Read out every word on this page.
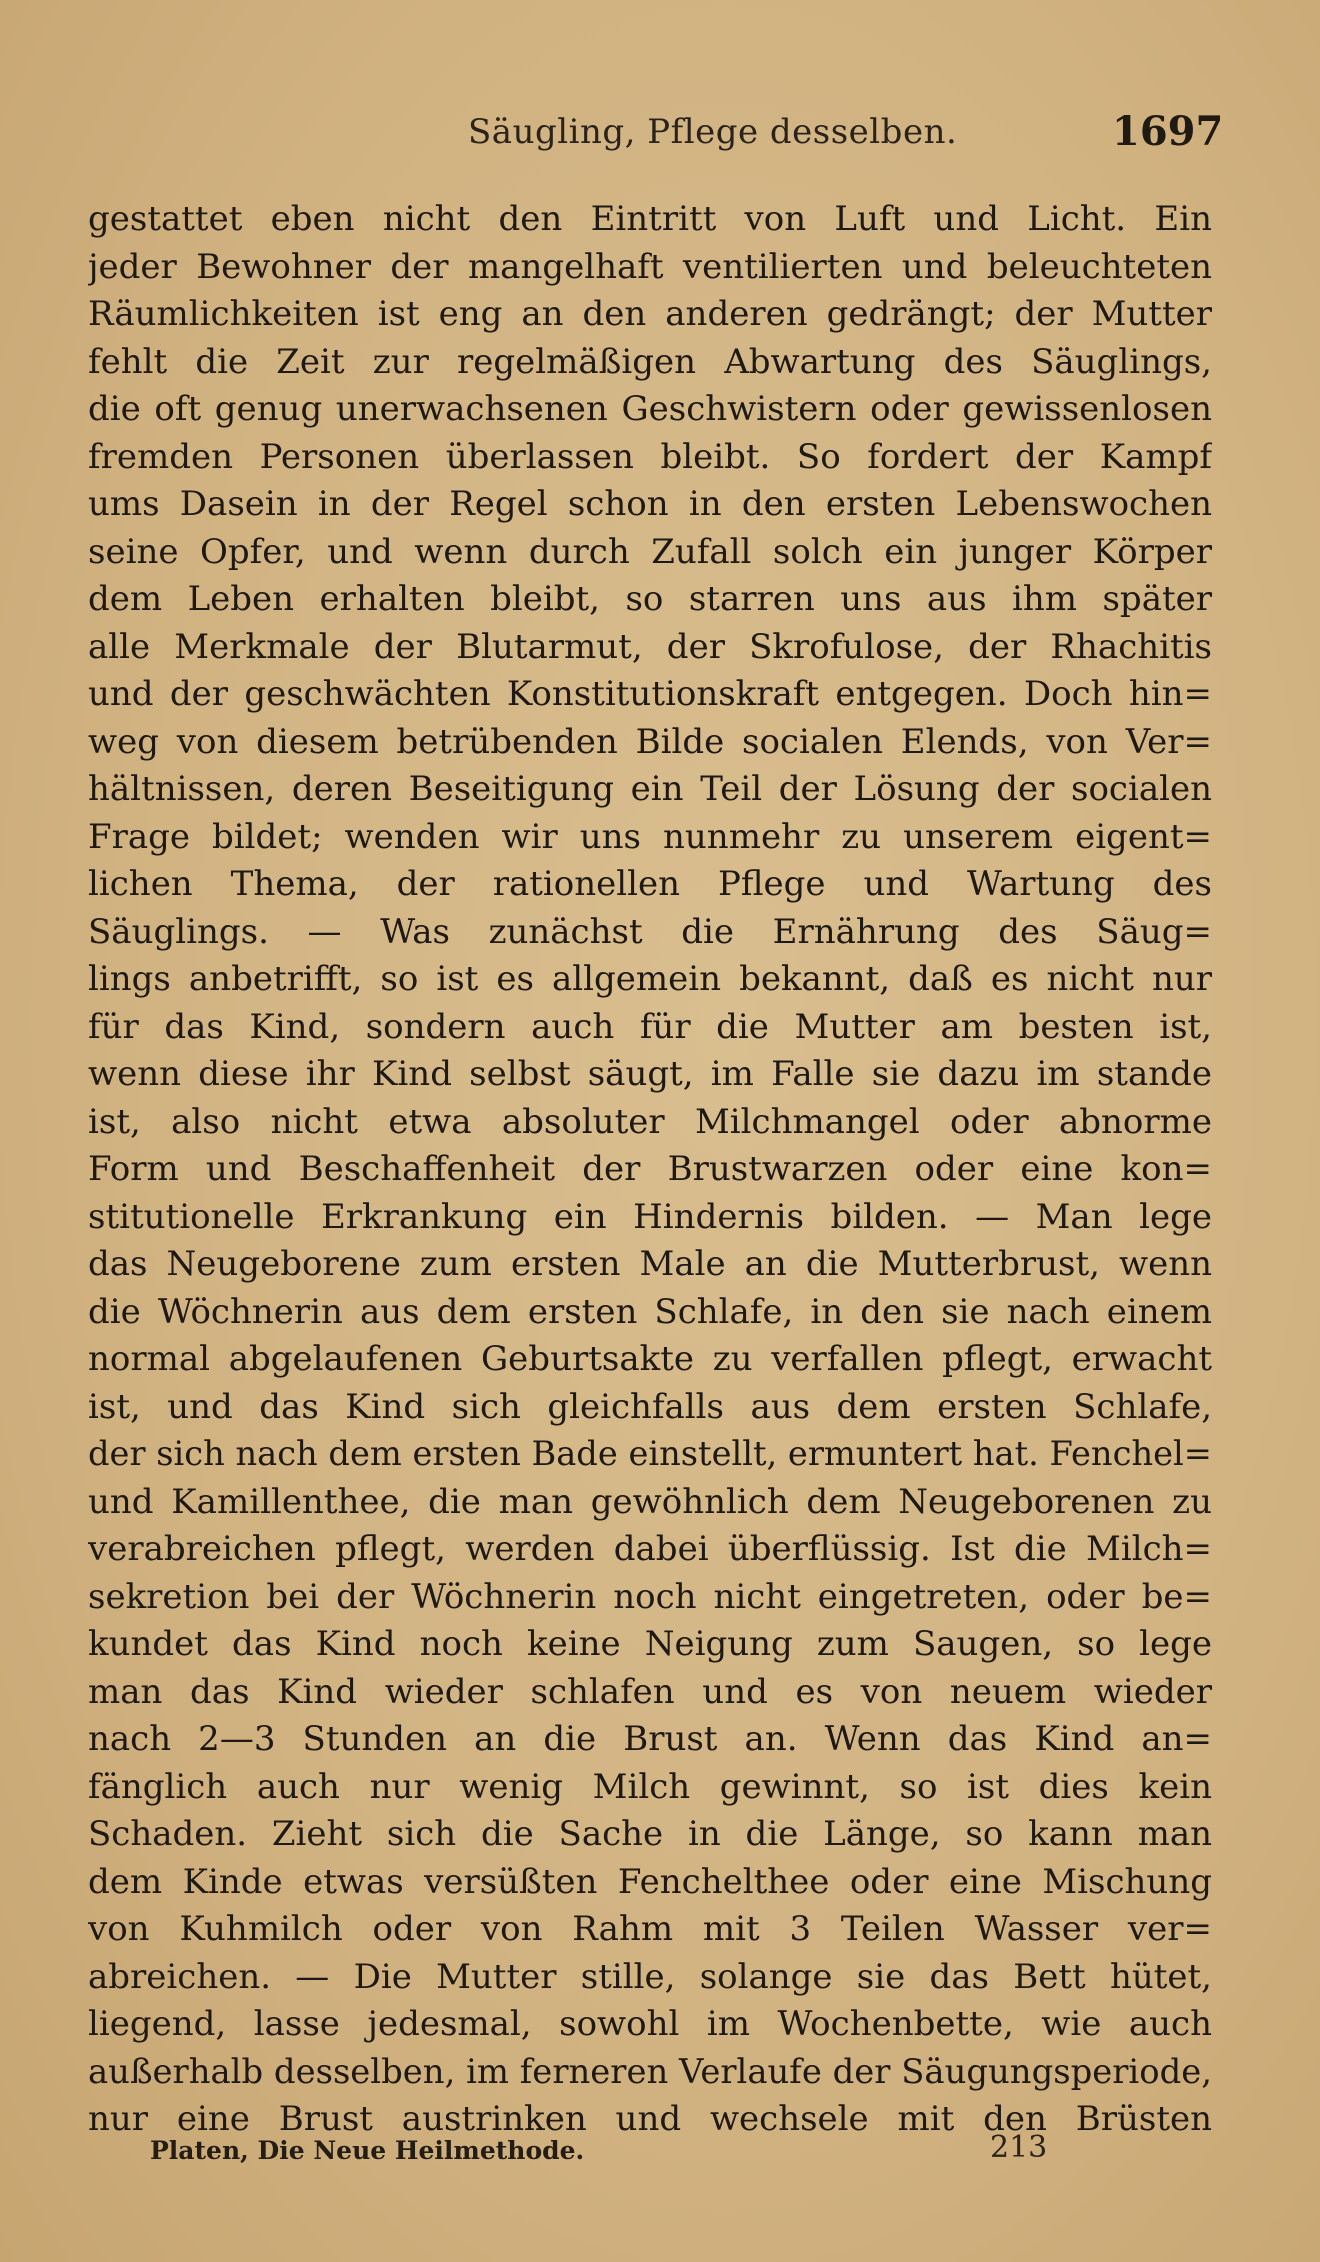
Säugling, Pflege desselben.	1697
gestattet eben nicht den Eintritt von Luft und Licht. Ein
jeder Bewohner der mangelhaft ventilierten und beleuchteten
Räumlichkeiten ist eng an den anderen gedrängt; der Mutter
fehlt die Zeit zur regelmäßigen Abwartung des Säuglings,
die oft genug unerwachsenen Geschwistern oder gewissenlosen
fremden Personen überlassen bleibt. So fordert der Kampf
ums Dasein in der Regel schon in den ersten Lebenswochen
seine Opfer, und wenn durch Zufall solch ein junger Körper
dem Leben erhalten bleibt, so starren uns aus ihm später
alle Merkmale der Blutarmut, der Skrofulose, der Rhachitis
und der geschwächten Konstitutionskraft entgegen. Doch hin=
weg von diesem betrübenden Bilde socialen Elends, von Ver=
hältnissen, deren Beseitigung ein Teil der Lösung der socialen
Frage bildet; wenden wir uns nunmehr zu unserem eigent=
lichen Thema, der rationellen Pflege und Wartung des
Säuglings. — Was zunächst die Ernährung des Säug=
lings anbetrifft, so ist es allgemein bekannt, daß es nicht nur
für das Kind, sondern auch für die Mutter am besten ist,
wenn diese ihr Kind selbst säugt, im Falle sie dazu im stande
ist, also nicht etwa absoluter Milchmangel oder abnorme
Form und Beschaffenheit der Brustwarzen oder eine kon=
stitutionelle Erkrankung ein Hindernis bilden. — Man lege
das Neugeborene zum ersten Male an die Mutterbrust, wenn
die Wöchnerin aus dem ersten Schlafe, in den sie nach einem
normal abgelaufenen Geburtsakte zu verfallen pflegt, erwacht
ist, und das Kind sich gleichfalls aus dem ersten Schlafe,
der sich nach dem ersten Bade einstellt, ermuntert hat. Fenchel=
und Kamillenthee, die man gewöhnlich dem Neugeborenen zu
verabreichen pflegt, werden dabei überflüssig. Ist die Milch=
sekretion bei der Wöchnerin noch nicht eingetreten, oder be=
kundet das Kind noch keine Neigung zum Saugen, so lege
man das Kind wieder schlafen und es von neuem wieder
nach 2—3 Stunden an die Brust an. Wenn das Kind an=
fänglich auch nur wenig Milch gewinnt, so ist dies kein
Schaden. Zieht sich die Sache in die Länge, so kann man
dem Kinde etwas versüßten Fenchelthee oder eine Mischung
von Kuhmilch oder von Rahm mit 3 Teilen Wasser ver=
abreichen. — Die Mutter stille, solange sie das Bett hütet,
liegend, lasse jedesmal, sowohl im Wochenbette, wie auch
außerhalb desselben, im ferneren Verlaufe der Säugungsperiode,
nur eine Brust austrinken und wechsele mit den Brüsten
Platen, Die Neue Heilmethode.	213
